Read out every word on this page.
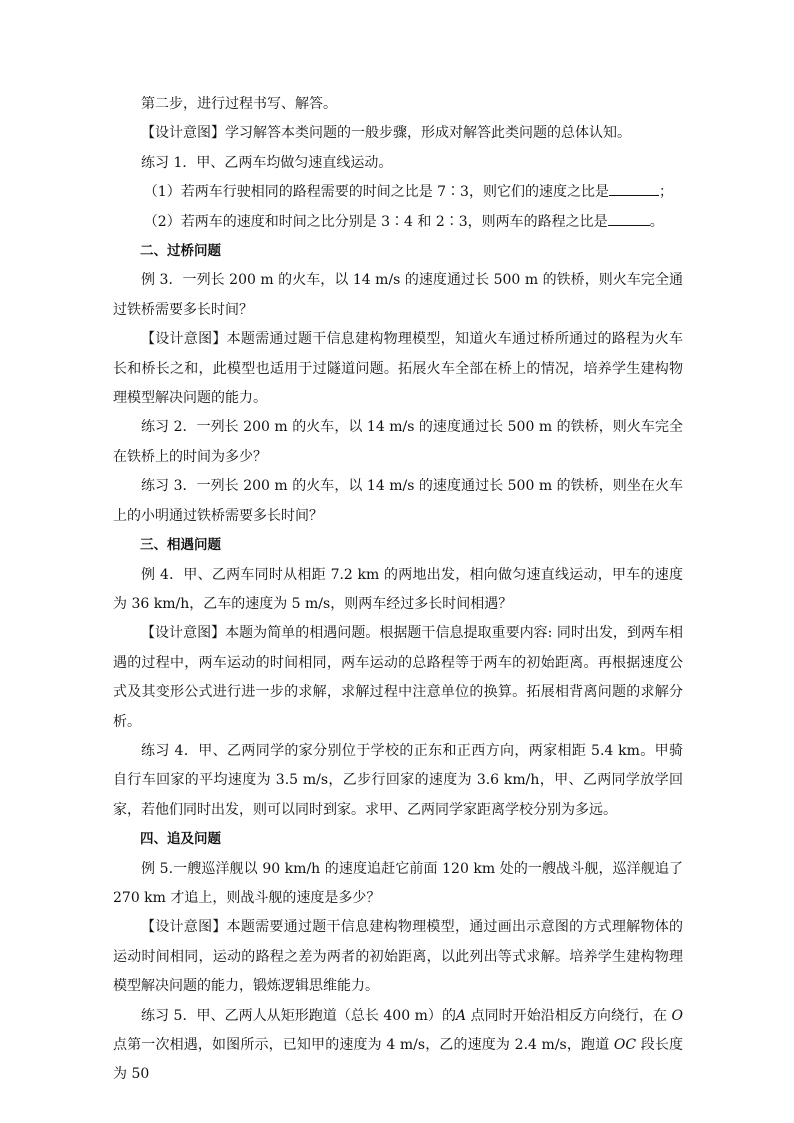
第二步，进行过程书写、解答。

【设计意图】学习解答本类问题的一般步骤，形成对解答此类问题的总体认知。

练习 1．甲、乙两车均做匀速直线运动。

（1）若两车行驶相同的路程需要的时间之比是 7∶3，则它们的速度之比是	；

（2）若两车的速度和时间之比分别是 3∶4 和 2∶3，则两车的路程之比是	。

二、过桥问题

例 3．一列长 200 m 的火车，以 14 m/s 的速度通过长 500 m 的铁桥，则火车完全通过铁桥需要多长时间？

【设计意图】本题需通过题干信息建构物理模型，知道火车通过桥所通过的路程为火车长和桥长之和，此模型也适用于过隧道问题。拓展火车全部在桥上的情况，培养学生建构物理模型解决问题的能力。

练习 2．一列长 200 m 的火车，以 14 m/s 的速度通过长 500 m 的铁桥，则火车完全在铁桥上的时间为多少？

练习 3．一列长 200 m 的火车，以 14 m/s 的速度通过长 500 m 的铁桥，则坐在火车上的小明通过铁桥需要多长时间？

三、相遇问题

例 4．甲、乙两车同时从相距 7.2 km 的两地出发，相向做匀速直线运动，甲车的速度为 36 km/h，乙车的速度为 5 m/s，则两车经过多长时间相遇？

【设计意图】本题为简单的相遇问题。根据题干信息提取重要内容: 同时出发，到两车相遇的过程中，两车运动的时间相同，两车运动的总路程等于两车的初始距离。再根据速度公式及其变形公式进行进一步的求解，求解过程中注意单位的换算。拓展相背离问题的求解分析。

练习 4．甲、乙两同学的家分别位于学校的正东和正西方向，两家相距 5.4 km。甲骑自行车回家的平均速度为 3.5 m/s，乙步行回家的速度为 3.6 km/h，甲、乙两同学放学回家，若他们同时出发，则可以同时到家。求甲、乙两同学家距离学校分别为多远。

四、追及问题

例 5.一艘巡洋舰以 90 km/h 的速度追赶它前面 120 km 处的一艘战斗舰，巡洋舰追了 270 km 才追上，则战斗舰的速度是多少？

【设计意图】本题需要通过题干信息建构物理模型，通过画出示意图的方式理解物体的运动时间相同，运动的路程之差为两者的初始距离，以此列出等式求解。培养学生建构物理模型解决问题的能力，锻炼逻辑思维能力。

练习 5．甲、乙两人从矩形跑道（总长 400 m）的A 点同时开始沿相反方向绕行，在 O 点第一次相遇，如图所示，已知甲的速度为 4 m/s，乙的速度为 2.4 m/s，跑道 OC 段长度为 50
